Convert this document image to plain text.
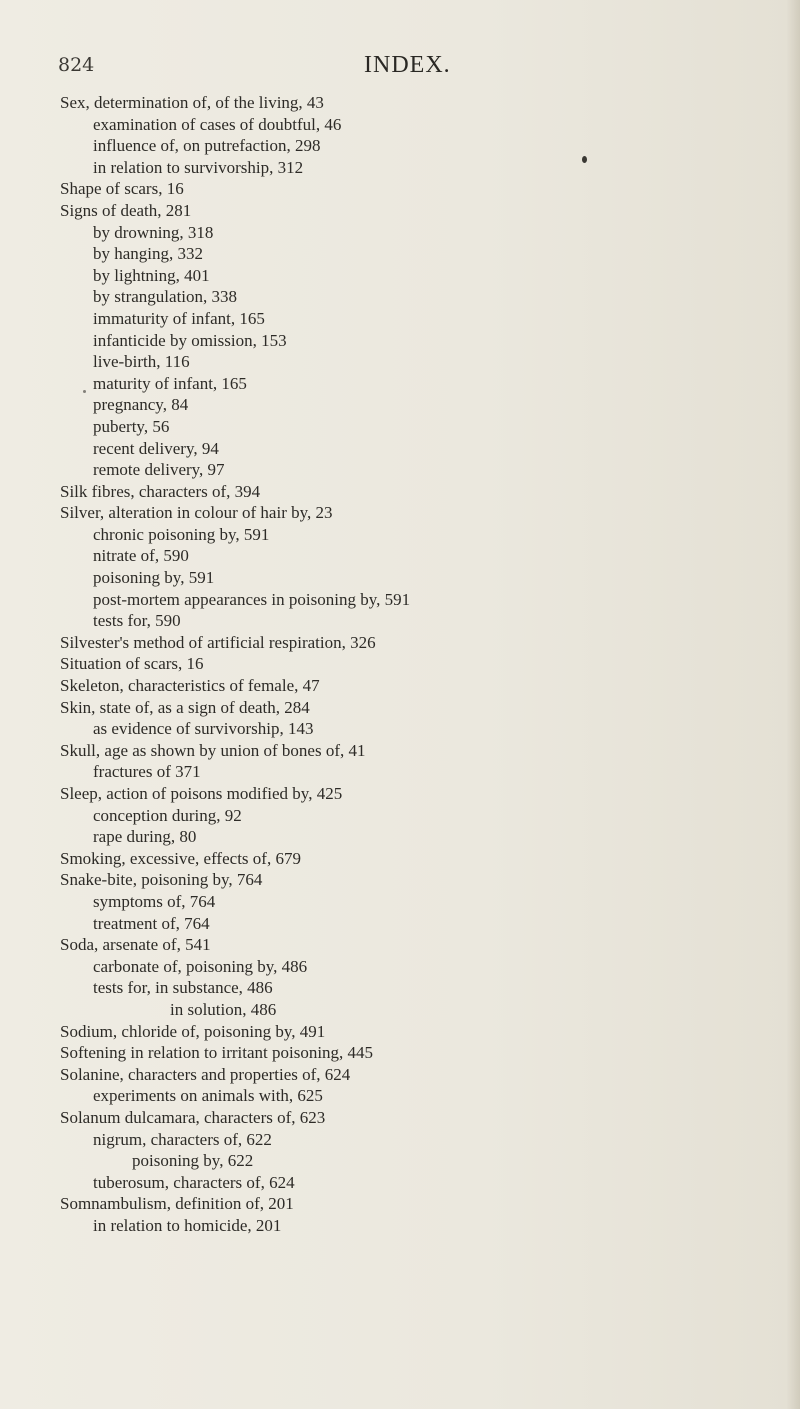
824	INDEX.
Sex, determination of, of the living, 43
examination of cases of doubtful, 46
influence of, on putrefaction, 298
in relation to survivorship, 312
Shape of scars, 16
Signs of death, 281
by drowning, 318
by hanging, 332
by lightning, 401
by strangulation, 338
immaturity of infant, 165
infanticide by omission, 153
live-birth, 116
maturity of infant, 165
pregnancy, 84
puberty, 56
recent delivery, 94
remote delivery, 97
Silk fibres, characters of, 394
Silver, alteration in colour of hair by, 23
chronic poisoning by, 591
nitrate of, 590
poisoning by, 591
post-mortem appearances in poisoning by, 591
tests for, 590
Silvester's method of artificial respiration, 326
Situation of scars, 16
Skeleton, characteristics of female, 47
Skin, state of, as a sign of death, 284
as evidence of survivorship, 143
Skull, age as shown by union of bones of, 41
fractures of 371
Sleep, action of poisons modified by, 425
conception during, 92
rape during, 80
Smoking, excessive, effects of, 679
Snake-bite, poisoning by, 764
symptoms of, 764
treatment of, 764
Soda, arsenate of, 541
carbonate of, poisoning by, 486
tests for, in substance, 486
in solution, 486
Sodium, chloride of, poisoning by, 491
Softening in relation to irritant poisoning, 445
Solanine, characters and properties of, 624
experiments on animals with, 625
Solanum dulcamara, characters of, 623
nigrum, characters of, 622
poisoning by, 622
tuberosum, characters of, 624
Somnambulism, definition of, 201
in relation to homicide, 201
